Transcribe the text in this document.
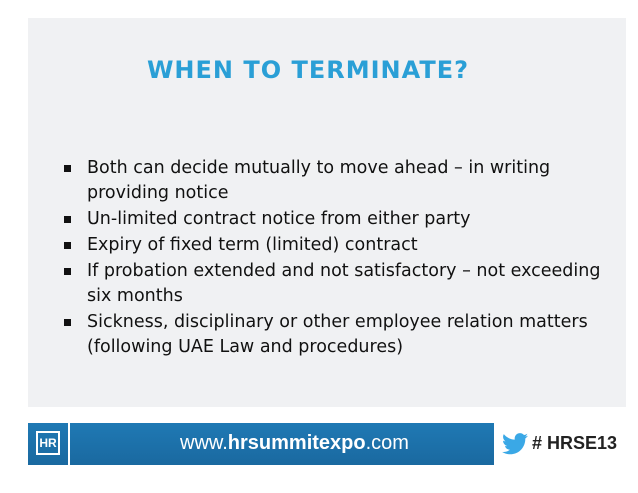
WHEN TO TERMINATE?
Both can decide mutually to move ahead – in writing providing notice
Un-limited contract notice from either party
Expiry of fixed term (limited) contract
If probation extended and not satisfactory – not exceeding six months
Sickness, disciplinary or other employee relation matters (following UAE Law and procedures)
HR	www.hrsummitexpo.com	# HRSE13
